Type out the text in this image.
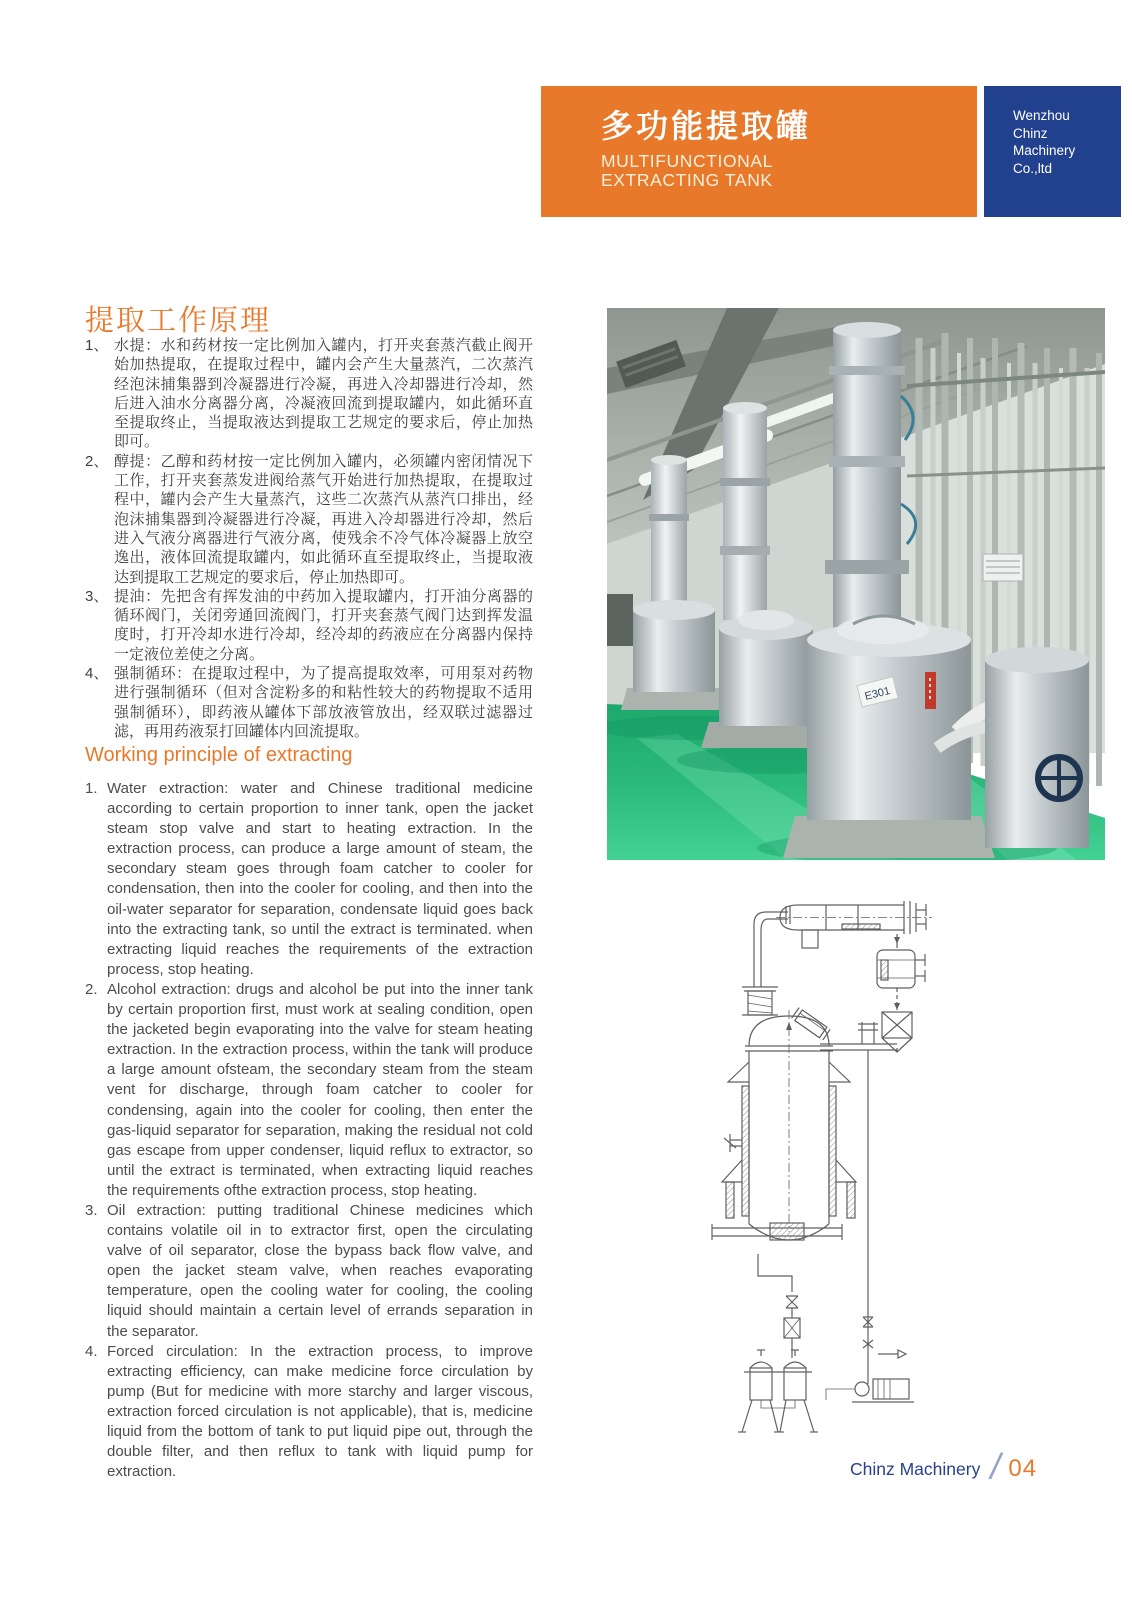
多功能提取罐
MULTIFUNCTIONAL
EXTRACTING TANK
Wenzhou
Chinz
Machinery
Co.,ltd
提取工作原理
1、 水提：水和药材按一定比例加入罐内，打开夹套蒸汽截止阀开始加热提取，在提取过程中，罐内会产生大量蒸汽，二次蒸汽经泡沫捕集器到冷凝器进行冷凝，再进入冷却器进行冷却，然后进入油水分离器分离，冷凝液回流到提取罐内，如此循环直至提取终止，当提取液达到提取工艺规定的要求后，停止加热即可。
2、 醇提：乙醇和药材按一定比例加入罐内，必须罐内密闭情况下工作，打开夹套蒸发进阀给蒸气开始进行加热提取，在提取过程中，罐内会产生大量蒸汽，这些二次蒸汽从蒸汽口排出，经泡沫捕集器到冷凝器进行冷凝，再进入冷却器进行冷却，然后进入气液分离器进行气液分离，使残余不冷气体冷凝器上放空逸出，液体回流提取罐内，如此循环直至提取终止，当提取液达到提取工艺规定的要求后，停止加热即可。
3、 提油：先把含有挥发油的中药加入提取罐内，打开油分离器的循环阀门，关闭旁通回流阀门，打开夹套蒸气阀门达到挥发温度时，打开冷却水进行冷却，经冷却的药液应在分离器内保持一定液位差使之分离。
4、 强制循环：在提取过程中，为了提高提取效率，可用泵对药物进行强制循环（但对含淀粉多的和粘性较大的药物提取不适用强制循环），即药液从罐体下部放液管放出，经双联过滤器过滤，再用药液泵打回罐体内回流提取。
Working principle of extracting
1. Water extraction: water and Chinese traditional medicine according to certain proportion to inner tank, open the jacket steam stop valve and start to heating extraction. In the extraction process, can produce a large amount of steam, the secondary steam goes through foam catcher to cooler for condensation, then into the cooler for cooling, and then into the oil-water separator for separation, condensate liquid goes back into the extracting tank, so until the extract is terminated. when extracting liquid reaches the requirements of the extraction process, stop heating.
2. Alcohol extraction: drugs and alcohol be put into the inner tank by certain proportion first, must work at sealing condition, open the jacketed begin evaporating into the valve for steam heating extraction. In the extraction process, within the tank will produce a large amount ofsteam, the secondary steam from the steam vent for discharge, through foam catcher to cooler for condensing, again into the cooler for cooling, then enter the gas-liquid separator for separation, making the residual not cold gas escape from upper condenser, liquid reflux to extractor, so until the extract is terminated, when extracting liquid reaches the requirements ofthe extraction process, stop heating.
3. Oil extraction: putting traditional Chinese medicines which contains volatile oil in to extractor first, open the circulating valve of oil separator, close the bypass back flow valve, and open the jacket steam valve, when reaches evaporating temperature, open the cooling water for cooling, the cooling liquid should maintain a certain level of errands separation in the separator.
4. Forced circulation: In the extraction process, to improve extracting efficiency, can make medicine force circulation by pump (But for medicine with more starchy and larger viscous, extraction forced circulation is not applicable), that is, medicine liquid from the bottom of tank to put liquid pipe out, through the double filter, and then reflux to tank with liquid pump for extraction.
E301
Chinz Machinery / 04
